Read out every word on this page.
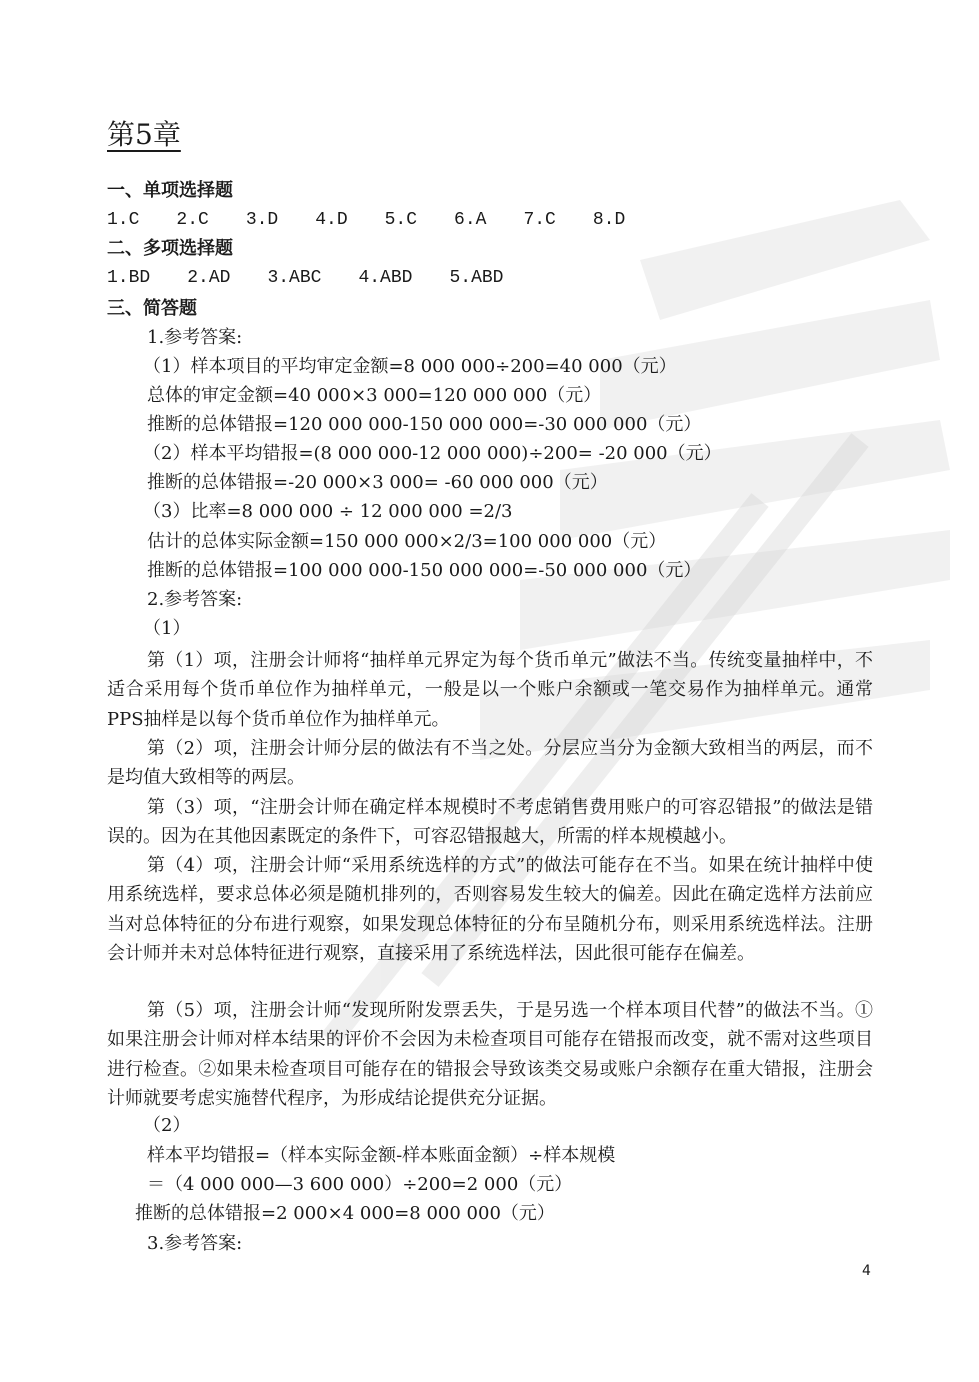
第5章
一、单项选择题
1.C 2.C 3.D 4.D 5.C 6.A 7.C 8.D
二、多项选择题
1.BD 2.AD 3.ABC 4.ABD 5.ABD
三、简答题
1.参考答案:
（1）样本项目的平均审定金额=8 000 000÷200=40 000（元）
总体的审定金额=40 000×3 000=120 000 000（元）
推断的总体错报=120 000 000-150 000 000=-30 000 000（元）
（2）样本平均错报=(8 000 000-12 000 000)÷200= -20 000（元）
推断的总体错报=-20 000×3 000= -60 000 000（元）
（3）比率=8 000 000 ÷ 12 000 000 =2/3
估计的总体实际金额=150 000 000×2/3=100 000 000（元）
推断的总体错报=100 000 000-150 000 000=-50 000 000（元）
2.参考答案:
（1）
第（1）项，注册会计师将“抽样单元界定为每个货币单元”做法不当。传统变量抽样中，不适合采用每个货币单位作为抽样单元，一般是以一个账户余额或一笔交易作为抽样单元。通常PPS抽样是以每个货币单位作为抽样单元。
第（2）项，注册会计师分层的做法有不当之处。分层应当分为金额大致相当的两层，而不是均值大致相等的两层。
第（3）项，“注册会计师在确定样本规模时不考虑销售费用账户的可容忍错报”的做法是错误的。因为在其他因素既定的条件下，可容忍错报越大，所需的样本规模越小。
第（4）项，注册会计师“采用系统选样的方式”的做法可能存在不当。如果在统计抽样中使用系统选样，要求总体必须是随机排列的，否则容易发生较大的偏差。因此在确定选样方法前应当对总体特征的分布进行观察，如果发现总体特征的分布呈随机分布，则采用系统选样法。注册会计师并未对总体特征进行观察，直接采用了系统选样法，因此很可能存在偏差。
第（5）项，注册会计师“发现所附发票丢失，于是另选一个样本项目代替”的做法不当。①如果注册会计师对样本结果的评价不会因为未检查项目可能存在错报而改变，就不需对这些项目进行检查。②如果未检查项目可能存在的错报会导致该类交易或账户余额存在重大错报，注册会计师就要考虑实施替代程序，为形成结论提供充分证据。
（2）
样本平均错报=（样本实际金额-样本账面金额）÷样本规模
＝（4 000 000—3 600 000）÷200=2 000（元）
推断的总体错报=2 000×4 000=8 000 000（元）
3.参考答案:
4
